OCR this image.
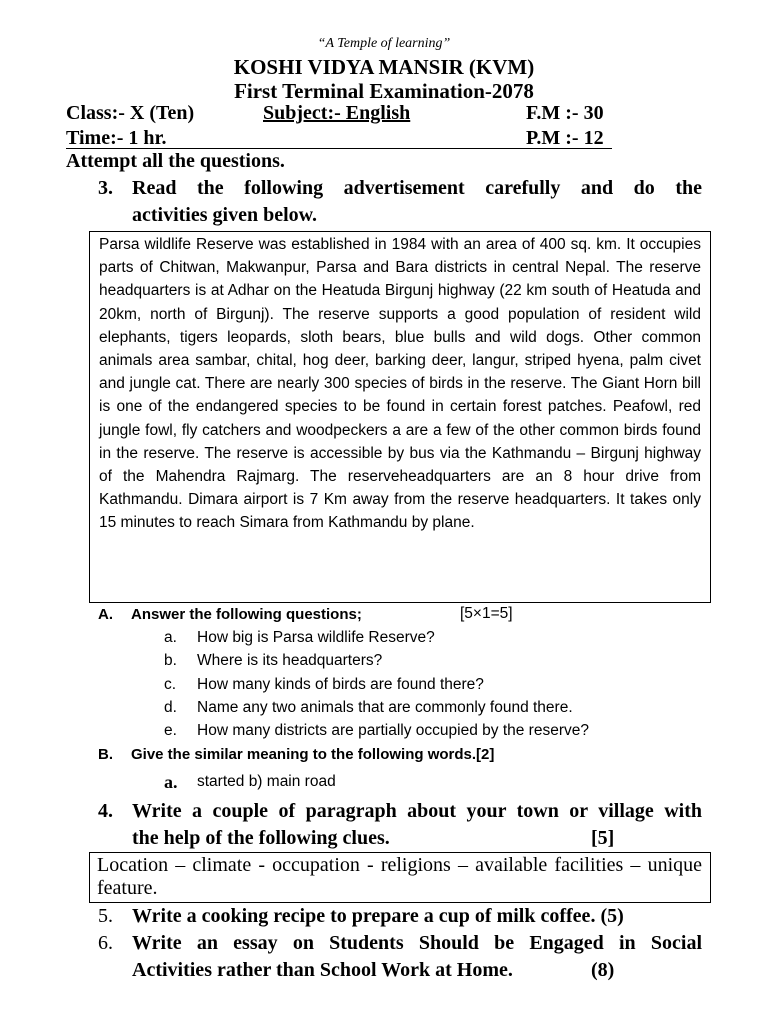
“A Temple of learning”
KOSHI VIDYA MANSIR (KVM)
First Terminal Examination-2078
Class:- X (Ten)	Subject:- English	F.M :- 30
Time:- 1 hr.	P.M :- 12
Attempt all the questions.
3. Read the following advertisement carefully and do the
activities given below.
Parsa wildlife Reserve was established in 1984 with an area of 400 sq. km. It occupies parts of Chitwan, Makwanpur, Parsa and Bara districts in central Nepal. The reserve headquarters is at Adhar on the Heatuda Birgunj highway (22 km south of Heatuda and 20km, north of Birgunj). The reserve supports a good population of resident wild elephants, tigers leopards, sloth bears, blue bulls and wild dogs. Other common animals area sambar, chital, hog deer, barking deer, langur, striped hyena, palm civet and jungle cat. There are nearly 300 species of birds in the reserve. The Giant Horn bill is one of the endangered species to be found in certain forest patches. Peafowl, red jungle fowl, fly catchers and woodpeckers a are a few of the other common birds found in the reserve. The reserve is accessible by bus via the Kathmandu – Birgunj highway of the Mahendra Rajmarg. The reserveheadquarters are an 8 hour drive from Kathmandu. Dimara airport is 7 Km away from the reserve headquarters. It takes only 15 minutes to reach Simara from Kathmandu by plane.
A. Answer the following questions;	[5×1=5]
a. How big is Parsa wildlife Reserve?
b. Where is its headquarters?
c. How many kinds of birds are found there?
d. Name any two animals that are commonly found there.
e. How many districts are partially occupied by the reserve?
B. Give the similar meaning to the following words.[2]
a. started b) main road
4. Write a couple of paragraph about your town or village with
the help of the following clues.	[5]
Location – climate - occupation - religions – available facilities – unique feature.
5. Write a cooking recipe to prepare a cup of milk coffee. (5)
6. Write an essay on Students Should be Engaged in Social
Activities rather than School Work at Home.	(8)
